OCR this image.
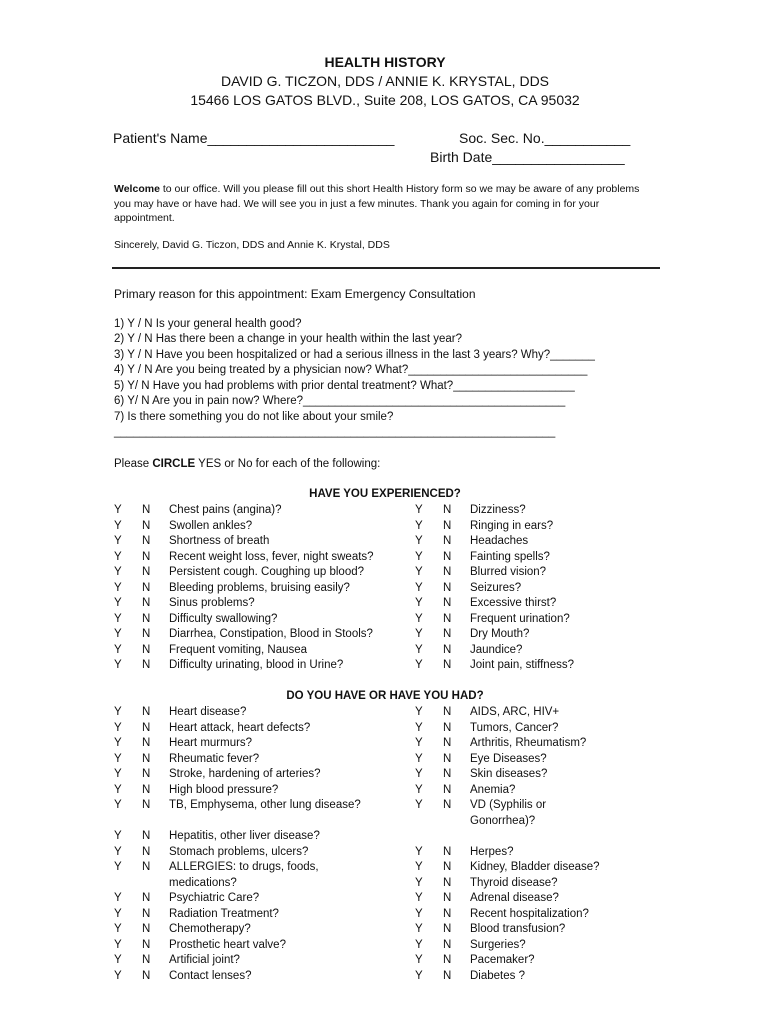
HEALTH HISTORY
DAVID G. TICZON, DDS / ANNIE K. KRYSTAL, DDS
15466 LOS GATOS BLVD., Suite 208, LOS GATOS, CA 95032
Patient's Name________________________	Soc. Sec. No.___________
Birth Date_________________
Welcome to our office. Will you please fill out this short Health History form so we may be aware of any problems you may have or have had. We will see you in just a few minutes. Thank you again for coming in for your appointment.
Sincerely, David G. Ticzon, DDS and Annie K. Krystal, DDS
Primary reason for this appointment: Exam Emergency Consultation
1) Y / N Is your general health good?
2) Y / N Has there been a change in your health within the last year?
3) Y / N Have you been hospitalized or had a serious illness in the last 3 years? Why?_______
4) Y / N Are you being treated by a physician now? What?____________________________
5) Y/ N Have you had problems with prior dental treatment? What?___________________
6) Y/ N Are you in pain now? Where?_________________________________________
7) Is there something you do not like about your smile?
_____________________________________________________________________
Please CIRCLE YES or No for each of the following:
HAVE YOU EXPERIENCED?
Y N Chest pains (angina)?
Y N Swollen ankles?
Y N Shortness of breath
Y N Recent weight loss, fever, night sweats?
Y N Persistent cough. Coughing up blood?
Y N Bleeding problems, bruising easily?
Y N Sinus problems?
Y N Difficulty swallowing?
Y N Diarrhea, Constipation, Blood in Stools?
Y N Frequent vomiting, Nausea
Y N Difficulty urinating, blood in Urine?
Y N Dizziness?
Y N Ringing in ears?
Y N Headaches
Y N Fainting spells?
Y N Blurred vision?
Y N Seizures?
Y N Excessive thirst?
Y N Frequent urination?
Y N Dry Mouth?
Y N Jaundice?
Y N Joint pain, stiffness?
DO YOU HAVE OR HAVE YOU HAD?
Y N Heart disease?
Y N Heart attack, heart defects?
Y N Heart murmurs?
Y N Rheumatic fever?
Y N Stroke, hardening of arteries?
Y N High blood pressure?
Y N TB, Emphysema, other lung disease?
Y N Hepatitis, other liver disease?
Y N Stomach problems, ulcers?
Y N ALLERGIES: to drugs, foods,
medications?
Y N Psychiatric Care?
Y N Radiation Treatment?
Y N Chemotherapy?
Y N Prosthetic heart valve?
Y N Artificial joint?
Y N Contact lenses?
Y N AIDS, ARC, HIV+
Y N Tumors, Cancer?
Y N Arthritis, Rheumatism?
Y N Eye Diseases?
Y N Skin diseases?
Y N Anemia?
Y N VD (Syphilis or
Gonorrhea)?
Y N Herpes?
Y N Kidney, Bladder disease?
Y N Thyroid disease?
Y N Adrenal disease?
Y N Recent hospitalization?
Y N Blood transfusion?
Y N Surgeries?
Y N Pacemaker?
Y N Diabetes ?
